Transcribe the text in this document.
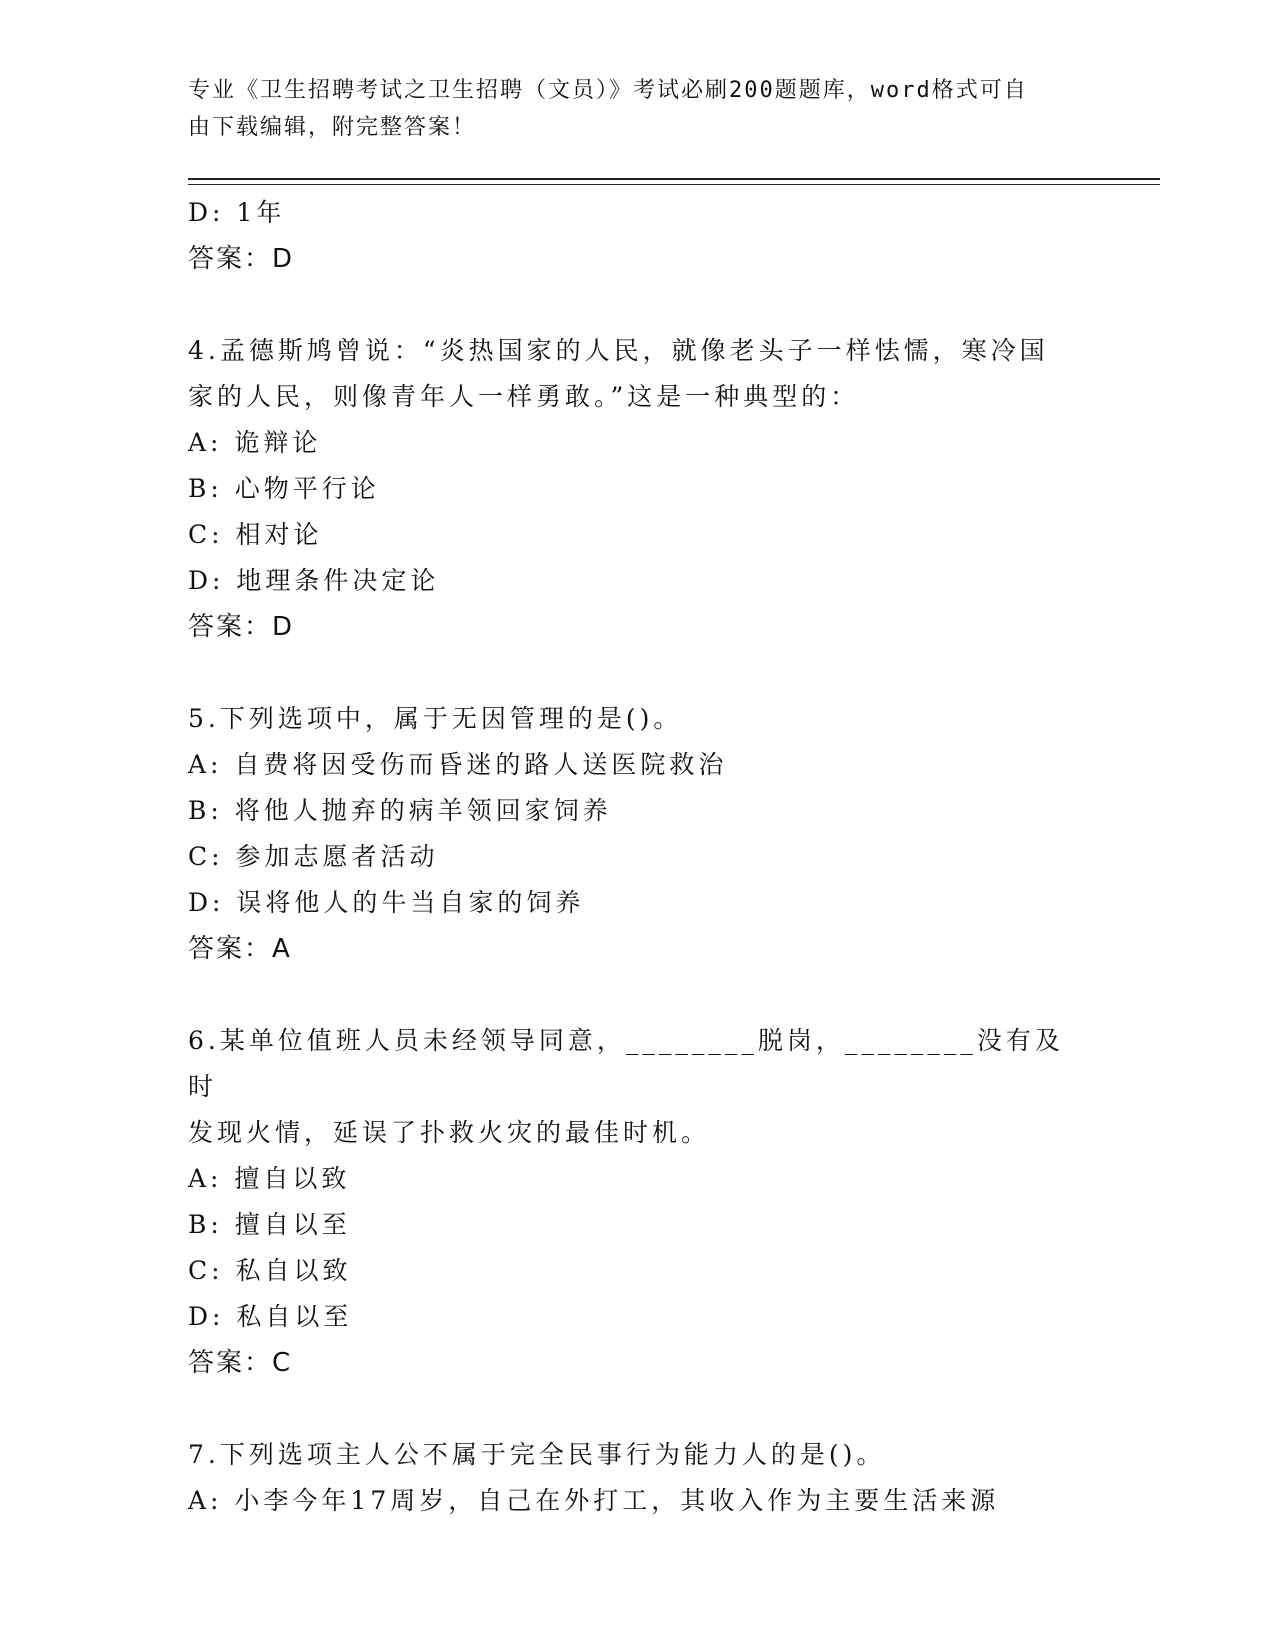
专业《卫生招聘考试之卫生招聘（文员）》考试必刷200题题库，word格式可自
由下载编辑，附完整答案！
D: 1年
答案：D
4.孟德斯鸠曾说：“炎热国家的人民，就像老头子一样怯懦，寒冷国
家的人民，则像青年人一样勇敢。”这是一种典型的：
A: 诡辩论
B: 心物平行论
C: 相对论
D: 地理条件决定论
答案：D
5.下列选项中，属于无因管理的是()。
A: 自费将因受伤而昏迷的路人送医院救治
B: 将他人抛弃的病羊领回家饲养
C: 参加志愿者活动
D: 误将他人的牛当自家的饲养
答案：A
6.某单位值班人员未经领导同意，________脱岗，________没有及时
发现火情，延误了扑救火灾的最佳时机。
A: 擅自以致
B: 擅自以至
C: 私自以致
D: 私自以至
答案：C
7.下列选项主人公不属于完全民事行为能力人的是()。
A: 小李今年17周岁，自己在外打工，其收入作为主要生活来源
